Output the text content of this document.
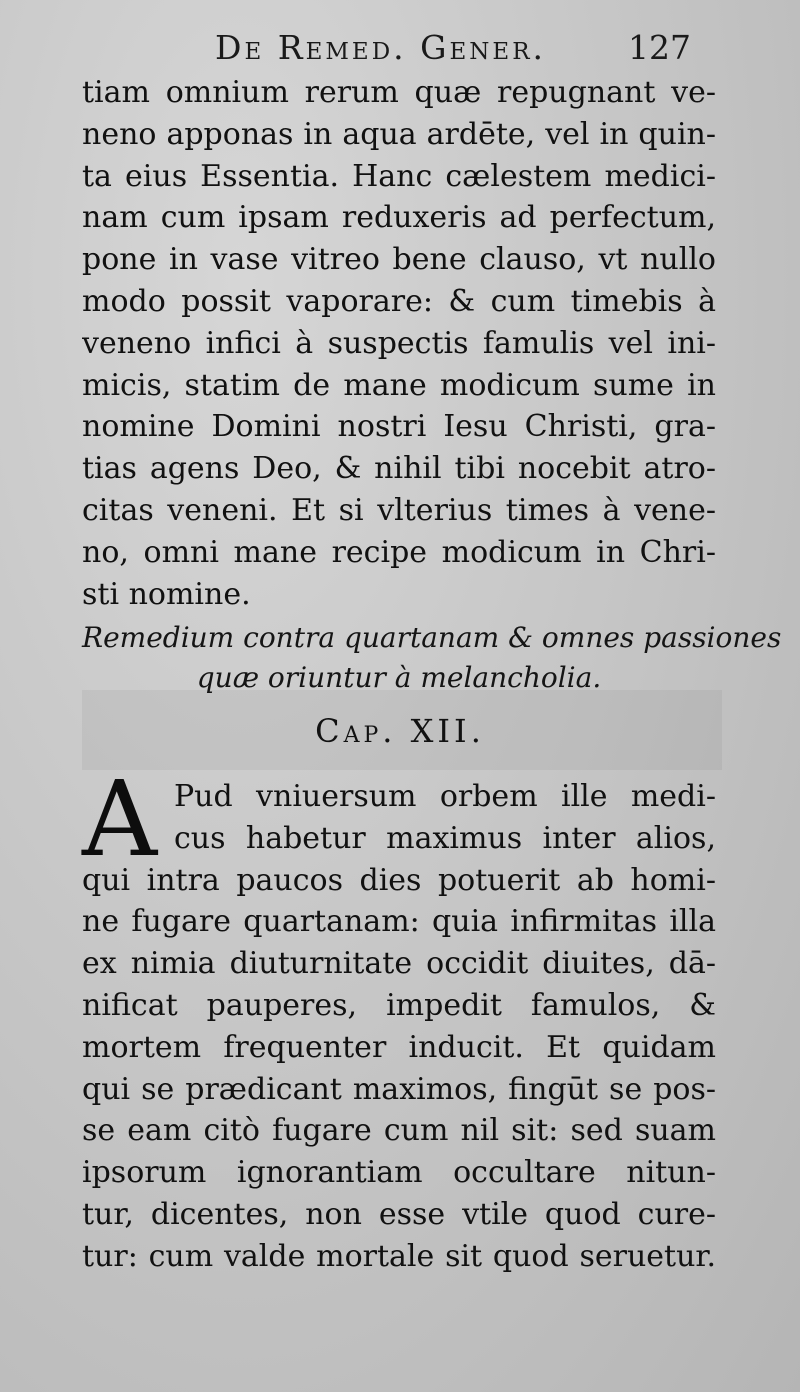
De Remed. Gener.	127
tiam omnium rerum quæ repugnant ve-
neno apponas in aqua ardēte, vel in quin-
ta eius Essentia. Hanc cælestem medici-
nam cum ipsam reduxeris ad perfectum,
pone in vase vitreo bene clauso, vt nullo
modo possit vaporare: & cum timebis à
veneno infici à suspectis famulis vel ini-
micis, statim de mane modicum sume in
nomine Domini nostri Iesu Christi, gra-
tias agens Deo, & nihil tibi nocebit atro-
citas veneni. Et si vlterius times à vene-
no, omni mane recipe modicum in Chri-
sti nomine.
Remedium contra quartanam & omnes passiones
quæ oriuntur à melancholia.
Cap. XII.
A Pud vniuersum orbem ille medi-
cus habetur maximus inter alios,
qui intra paucos dies potuerit ab homi-
ne fugare quartanam: quia infirmitas illa
ex nimia diuturnitate occidit diuites, dā-
nificat pauperes, impedit famulos, &
mortem frequenter inducit. Et quidam
qui se prædicant maximos, fingūt se pos-
se eam citò fugare cum nil sit: sed suam
ipsorum ignorantiam occultare nitun-
tur, dicentes, non esse vtile quod cure-
tur: cum valde mortale sit quod seruetur.
